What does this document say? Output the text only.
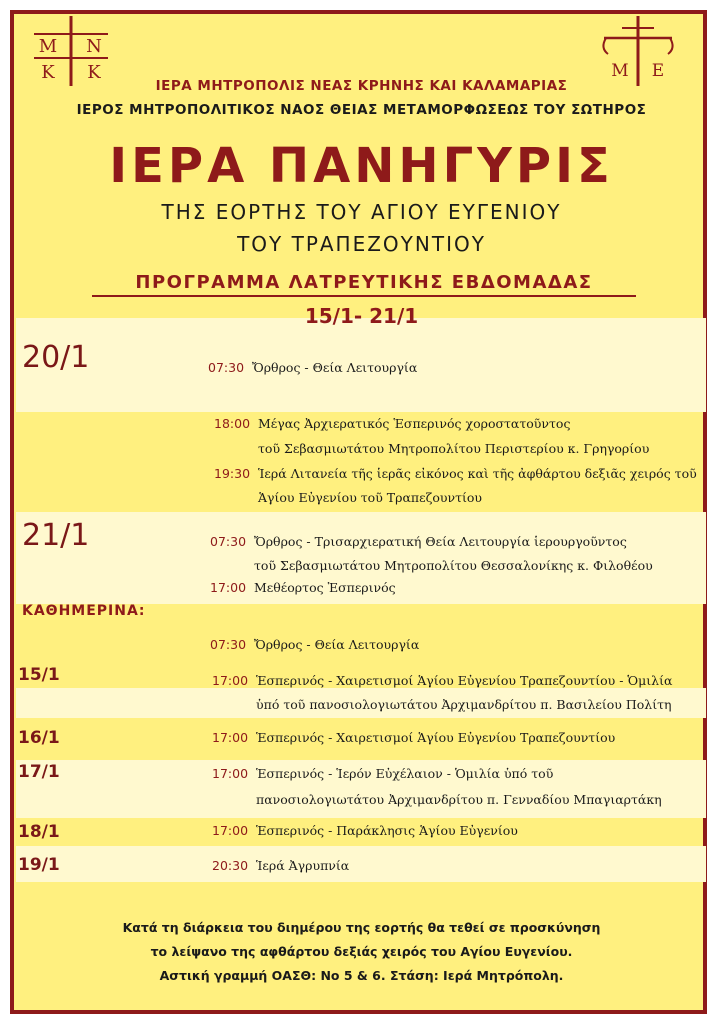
M N
K K	M E
ΙΕΡΑ ΜΗΤΡΟΠΟΛΙΣ ΝΕΑΣ ΚΡΗΝΗΣ ΚΑΙ ΚΑΛΑΜΑΡΙΑΣ
ΙΕΡΟΣ ΜΗΤΡΟΠΟΛΙΤΙΚΟΣ ΝΑΟΣ ΘΕΙΑΣ ΜΕΤΑΜΟΡΦΩΣΕΩΣ ΤΟΥ ΣΩΤΗΡΟΣ
ΙΕΡΑ ΠΑΝΗΓΥΡΙΣ
ΤΗΣ ΕΟΡΤΗΣ ΤΟΥ ΑΓΙΟΥ ΕΥΓΕΝΙΟΥ
ΤΟΥ ΤΡΑΠΕΖΟΥΝΤΙΟΥ
ΠΡΟΓΡΑΜΜΑ ΛΑΤΡΕΥΤΙΚΗΣ ΕΒΔΟΜΑΔΑΣ
15/1- 21/1
20/1	07:30 Ὄρθρος - Θεία Λειτουργία
18:00 Μέγας Ἀρχιερατικός Ἑσπερινός χοροστατοῦντος
τοῦ Σεβασμιωτάτου Μητροπολίτου Περιστερίου κ. Γρηγορίου
19:30 Ἱερά Λιτανεία τῆς ἱερᾶς εἰκόνος καὶ τῆς ἀφθάρτου δεξιᾶς χειρός τοῦ
Ἁγίου Εὐγενίου τοῦ Τραπεζουντίου
21/1	07:30 Ὄρθρος - Τρισαρχιερατική Θεία Λειτουργία ἱερουργοῦντος
τοῦ Σεβασμιωτάτου Μητροπολίτου Θεσσαλονίκης κ. Φιλοθέου
17:00 Μεθέορτος Ἑσπερινός
ΚΑΘΗΜΕΡΙΝΑ:
07:30 Ὄρθρος - Θεία Λειτουργία
15/1	17:00 Ἑσπερινός - Χαιρετισμοί Ἁγίου Εὐγενίου Τραπεζουντίου - Ὁμιλία
ὑπό τοῦ πανοσιολογιωτάτου Ἀρχιμανδρίτου π. Βασιλείου Πολίτη
16/1	17:00 Ἑσπερινός - Χαιρετισμοί Ἁγίου Εὐγενίου Τραπεζουντίου
17/1	17:00 Ἑσπερινός - Ἱερόν Εὐχέλαιον - Ὁμιλία ὑπό τοῦ
πανοσιολογιωτάτου Ἀρχιμανδρίτου π. Γενναδίου Μπαγιαρτάκη
18/1	17:00 Ἑσπερινός - Παράκλησις Ἁγίου Εὐγενίου
19/1	20:30 Ἱερά Ἀγρυπνία
Κατά τη διάρκεια του διημέρου της εορτής θα τεθεί σε προσκύνηση
το λείψανο της αφθάρτου δεξιάς χειρός του Αγίου Ευγενίου.
Αστική γραμμή ΟΑΣΘ: Νο 5 & 6. Στάση: Ιερά Μητρόπολη.
